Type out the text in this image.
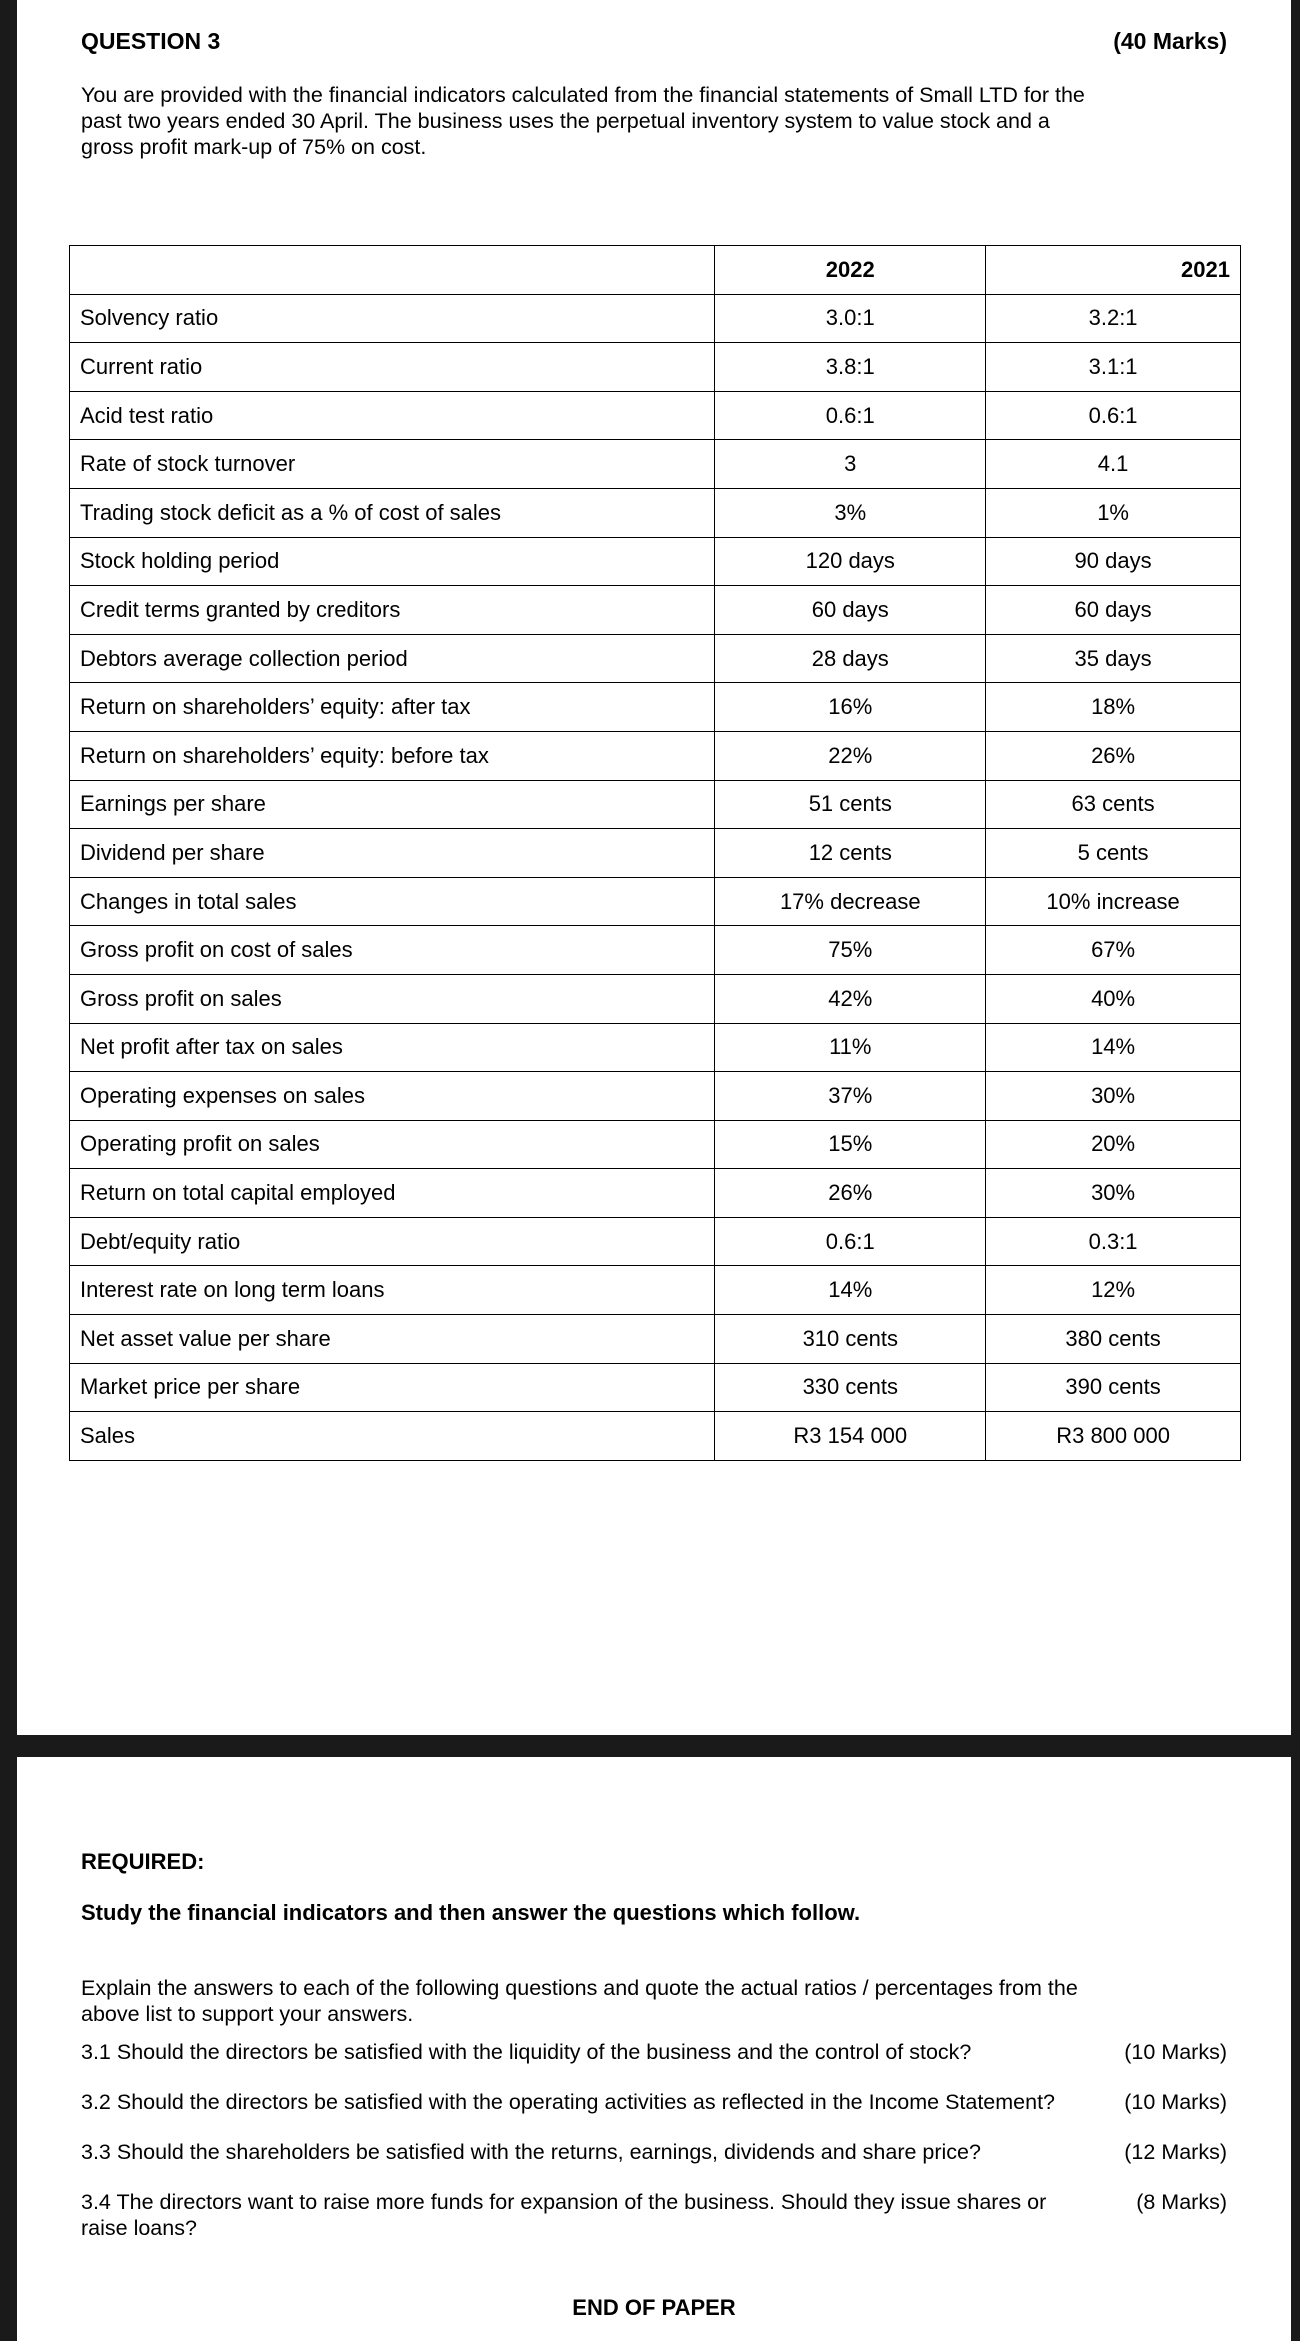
QUESTION 3	(40 Marks)
You are provided with the financial indicators calculated from the financial statements of Small LTD for the past two years ended 30 April. The business uses the perpetual inventory system to value stock and a gross profit mark-up of 75% on cost.
	2022	2021
Solvency ratio	3.0:1	3.2:1
Current ratio	3.8:1	3.1:1
Acid test ratio	0.6:1	0.6:1
Rate of stock turnover	3	4.1
Trading stock deficit as a % of cost of sales	3%	1%
Stock holding period	120 days	90 days
Credit terms granted by creditors	60 days	60 days
Debtors average collection period	28 days	35 days
Return on shareholders’ equity: after tax	16%	18%
Return on shareholders’ equity: before tax	22%	26%
Earnings per share	51 cents	63 cents
Dividend per share	12 cents	5 cents
Changes in total sales	17% decrease	10% increase
Gross profit on cost of sales	75%	67%
Gross profit on sales	42%	40%
Net profit after tax on sales	11%	14%
Operating expenses on sales	37%	30%
Operating profit on sales	15%	20%
Return on total capital employed	26%	30%
Debt/equity ratio	0.6:1	0.3:1
Interest rate on long term loans	14%	12%
Net asset value per share	310 cents	380 cents
Market price per share	330 cents	390 cents
Sales	R3 154 000	R3 800 000
REQUIRED:
Study the financial indicators and then answer the questions which follow.
Explain the answers to each of the following questions and quote the actual ratios / percentages from the above list to support your answers.
3.1 Should the directors be satisfied with the liquidity of the business and the control of stock?	(10 Marks)
3.2 Should the directors be satisfied with the operating activities as reflected in the Income Statement?	(10 Marks)
3.3 Should the shareholders be satisfied with the returns, earnings, dividends and share price?	(12 Marks)
3.4 The directors want to raise more funds for expansion of the business. Should they issue shares or raise loans?
(8 Marks)
END OF PAPER
